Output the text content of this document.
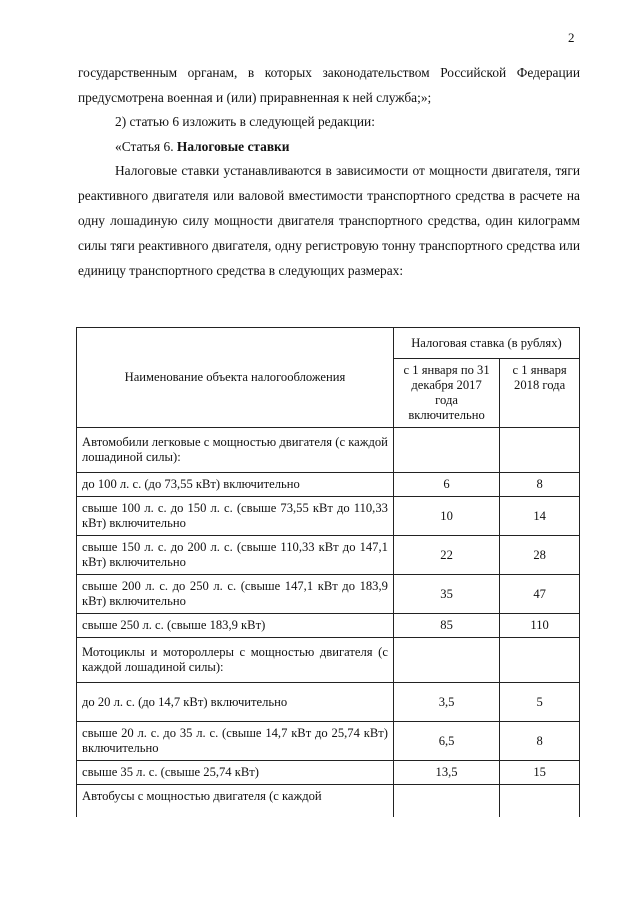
2

государственным органам, в которых законодательством Российской Федерации предусмотрена военная и (или) приравненная к ней служба;»;

2) статью 6 изложить в следующей редакции:

«Статья 6. Налоговые ставки

Налоговые ставки устанавливаются в зависимости от мощности двигателя, тяги реактивного двигателя или валовой вместимости транспортного средства в расчете на одну лошадиную силу мощности двигателя транспортного средства, один килограмм силы тяги реактивного двигателя, одну регистровую тонну транспортного средства или единицу транспортного средства в следующих размерах:

Наименование объекта налогообложения	Налоговая ставка (в рублях)	
	с 1 января по 31 декабря 2017 года включительно	с 1 января 2018 года
Автомобили легковые с мощностью двигателя (с каждой лошадиной силы):		
до 100 л. с. (до 73,55 кВт) включительно	6	8
свыше 100 л. с. до 150 л. с. (свыше 73,55 кВт до 110,33 кВт) включительно	10	14
свыше 150 л. с. до 200 л. с. (свыше 110,33 кВт до 147,1 кВт) включительно	22	28
свыше 200 л. с. до 250 л. с. (свыше 147,1 кВт до 183,9 кВт) включительно	35	47
свыше 250 л. с. (свыше 183,9 кВт)	85	110
Мотоциклы и мотороллеры с мощностью двигателя (с каждой лошадиной силы):		
до 20 л. с. (до 14,7 кВт) включительно	3,5	5
свыше 20 л. с. до 35 л. с. (свыше 14,7 кВт до 25,74 кВт) включительно	6,5	8
свыше 35 л. с. (свыше 25,74 кВт)	13,5	15
Автобусы с мощностью двигателя (с каждой		
